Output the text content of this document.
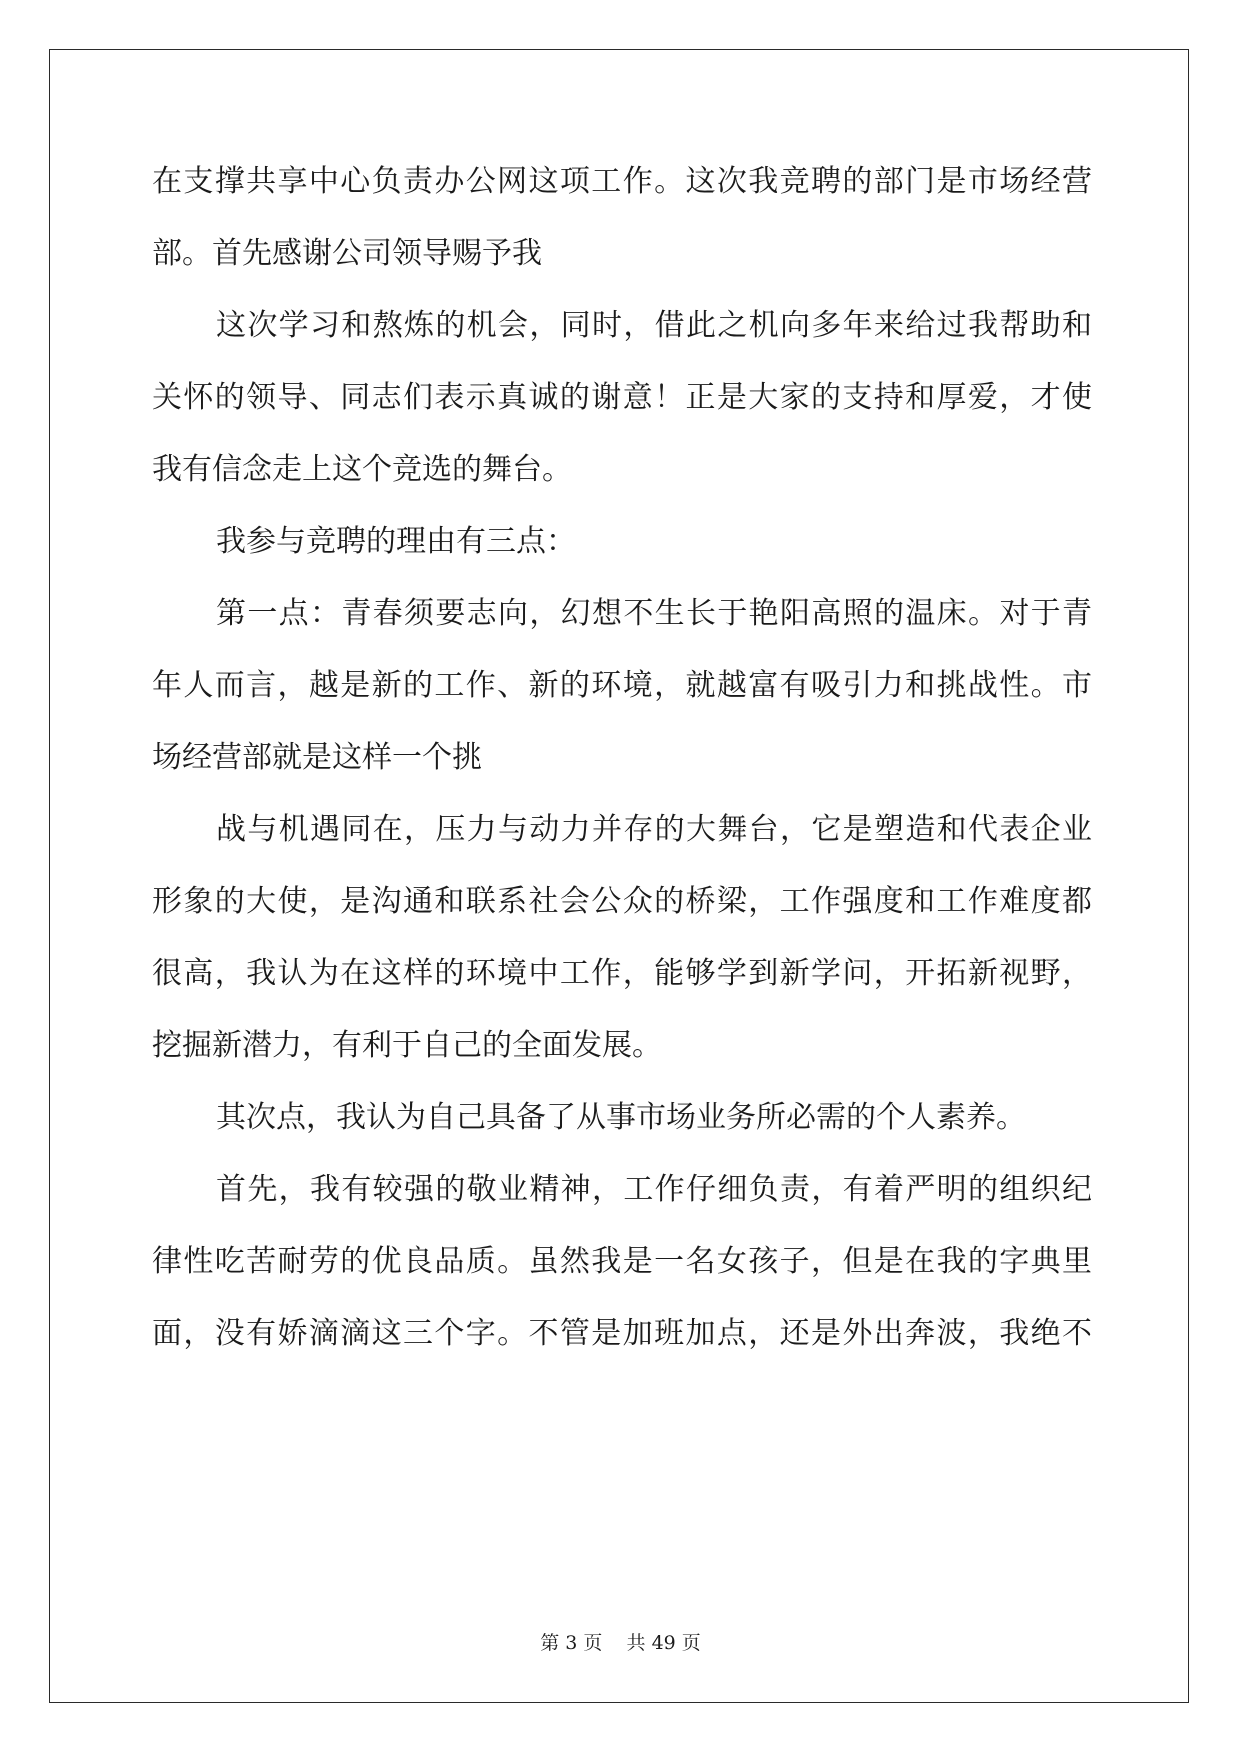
在支撑共享中心负责办公网这项工作。这次我竞聘的部门是市场经营
部。首先感谢公司领导赐予我
这次学习和熬炼的机会，同时，借此之机向多年来给过我帮助和
关怀的领导、同志们表示真诚的谢意！正是大家的支持和厚爱，才使
我有信念走上这个竞选的舞台。
我参与竞聘的理由有三点：
第一点：青春须要志向，幻想不生长于艳阳高照的温床。对于青
年人而言，越是新的工作、新的环境，就越富有吸引力和挑战性。市
场经营部就是这样一个挑
战与机遇同在，压力与动力并存的大舞台，它是塑造和代表企业
形象的大使，是沟通和联系社会公众的桥梁，工作强度和工作难度都
很高，我认为在这样的环境中工作，能够学到新学问，开拓新视野，
挖掘新潜力，有利于自己的全面发展。
其次点，我认为自己具备了从事市场业务所必需的个人素养。
首先，我有较强的敬业精神，工作仔细负责，有着严明的组织纪
律性吃苦耐劳的优良品质。虽然我是一名女孩子，但是在我的字典里
面，没有娇滴滴这三个字。不管是加班加点，还是外出奔波，我绝不
第 3 页    共 49 页
